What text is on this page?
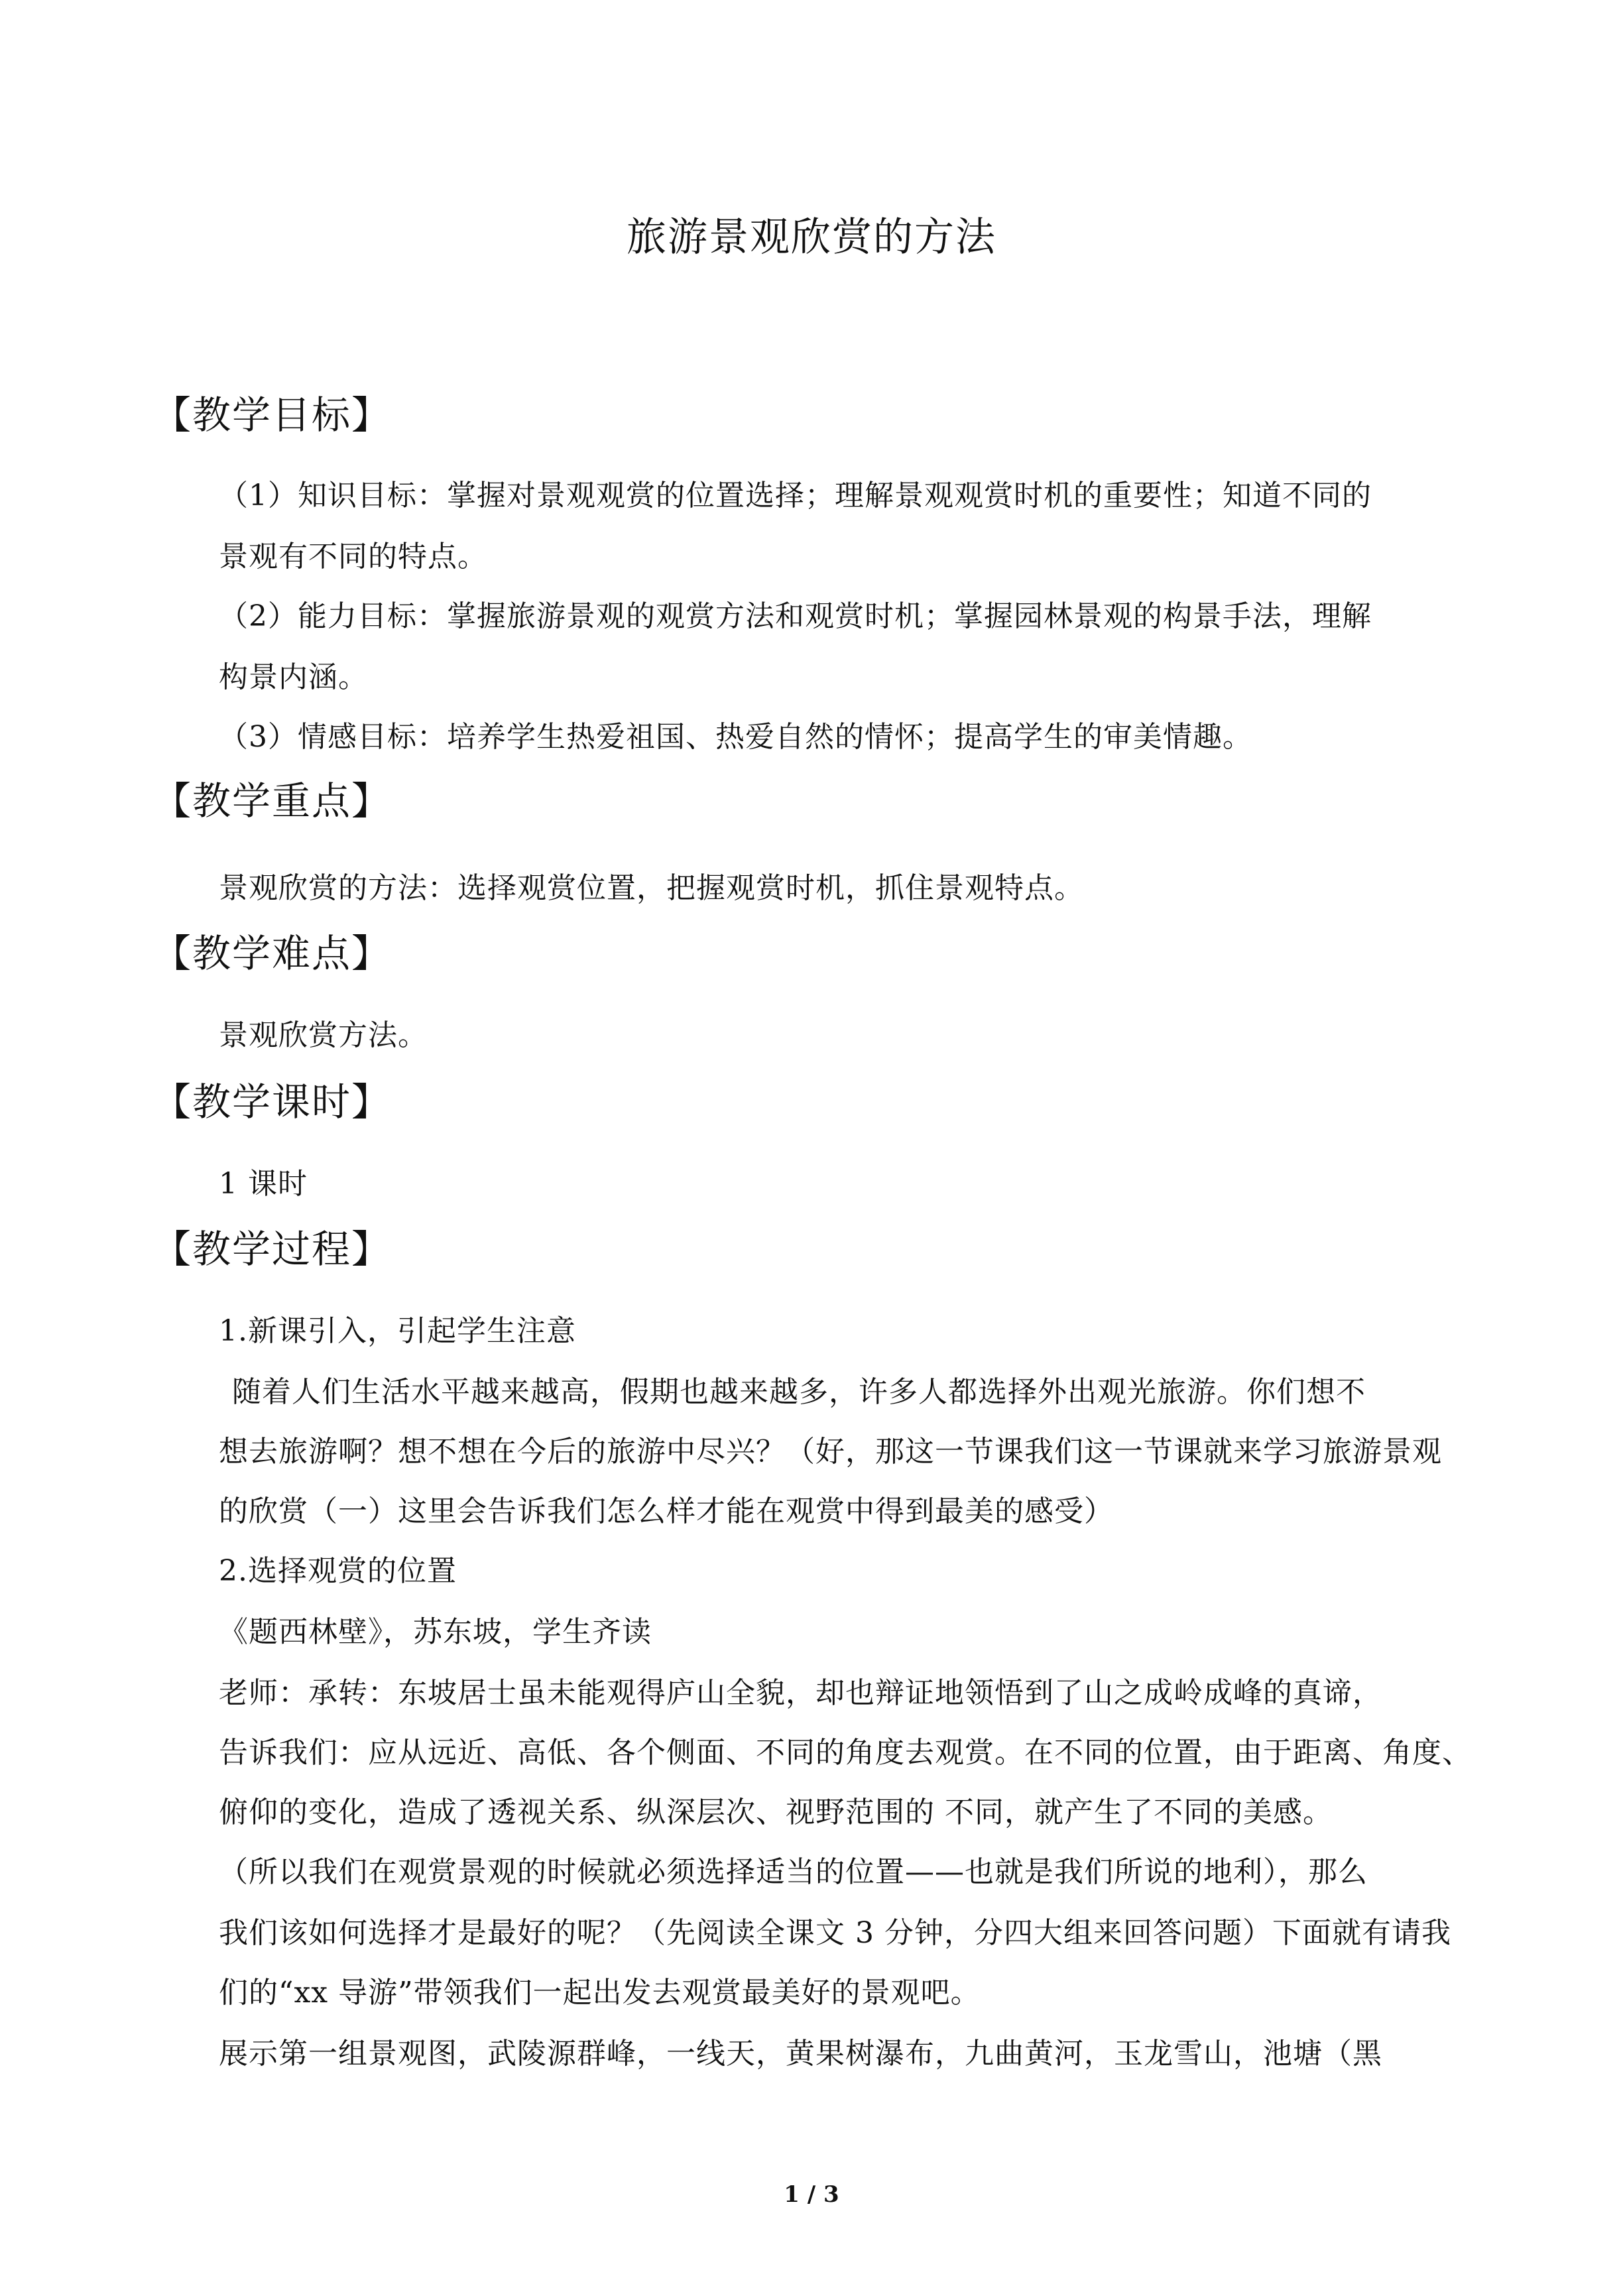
旅游景观欣赏的方法
【教学目标】
（1）知识目标：掌握对景观观赏的位置选择；理解景观观赏时机的重要性；知道不同的
景观有不同的特点。
（2）能力目标：掌握旅游景观的观赏方法和观赏时机；掌握园林景观的构景手法，理解
构景内涵。
（3）情感目标：培养学生热爱祖国、热爱自然的情怀；提高学生的审美情趣。
【教学重点】
景观欣赏的方法：选择观赏位置，把握观赏时机，抓住景观特点。
【教学难点】
景观欣赏方法。
【教学课时】
1 课时
【教学过程】
1.新课引入，引起学生注意
随着人们生活水平越来越高，假期也越来越多，许多人都选择外出观光旅游。你们想不
想去旅游啊？想不想在今后的旅游中尽兴？（好，那这一节课我们这一节课就来学习旅游景观
的欣赏（一）这里会告诉我们怎么样才能在观赏中得到最美的感受）
2.选择观赏的位置
《题西林壁》，苏东坡，学生齐读
老师：承转：东坡居士虽未能观得庐山全貌，却也辩证地领悟到了山之成岭成峰的真谛，
告诉我们：应从远近、高低、各个侧面、不同的角度去观赏。在不同的位置，由于距离、角度、
俯仰的变化，造成了透视关系、纵深层次、视野范围的 不同，就产生了不同的美感。
（所以我们在观赏景观的时候就必须选择适当的位置——也就是我们所说的地利），那么
我们该如何选择才是最好的呢？（先阅读全课文 3 分钟，分四大组来回答问题）下面就有请我
们的“xx 导游”带领我们一起出发去观赏最美好的景观吧。
展示第一组景观图，武陵源群峰，一线天，黄果树瀑布，九曲黄河，玉龙雪山，池塘（黑
1 / 3
